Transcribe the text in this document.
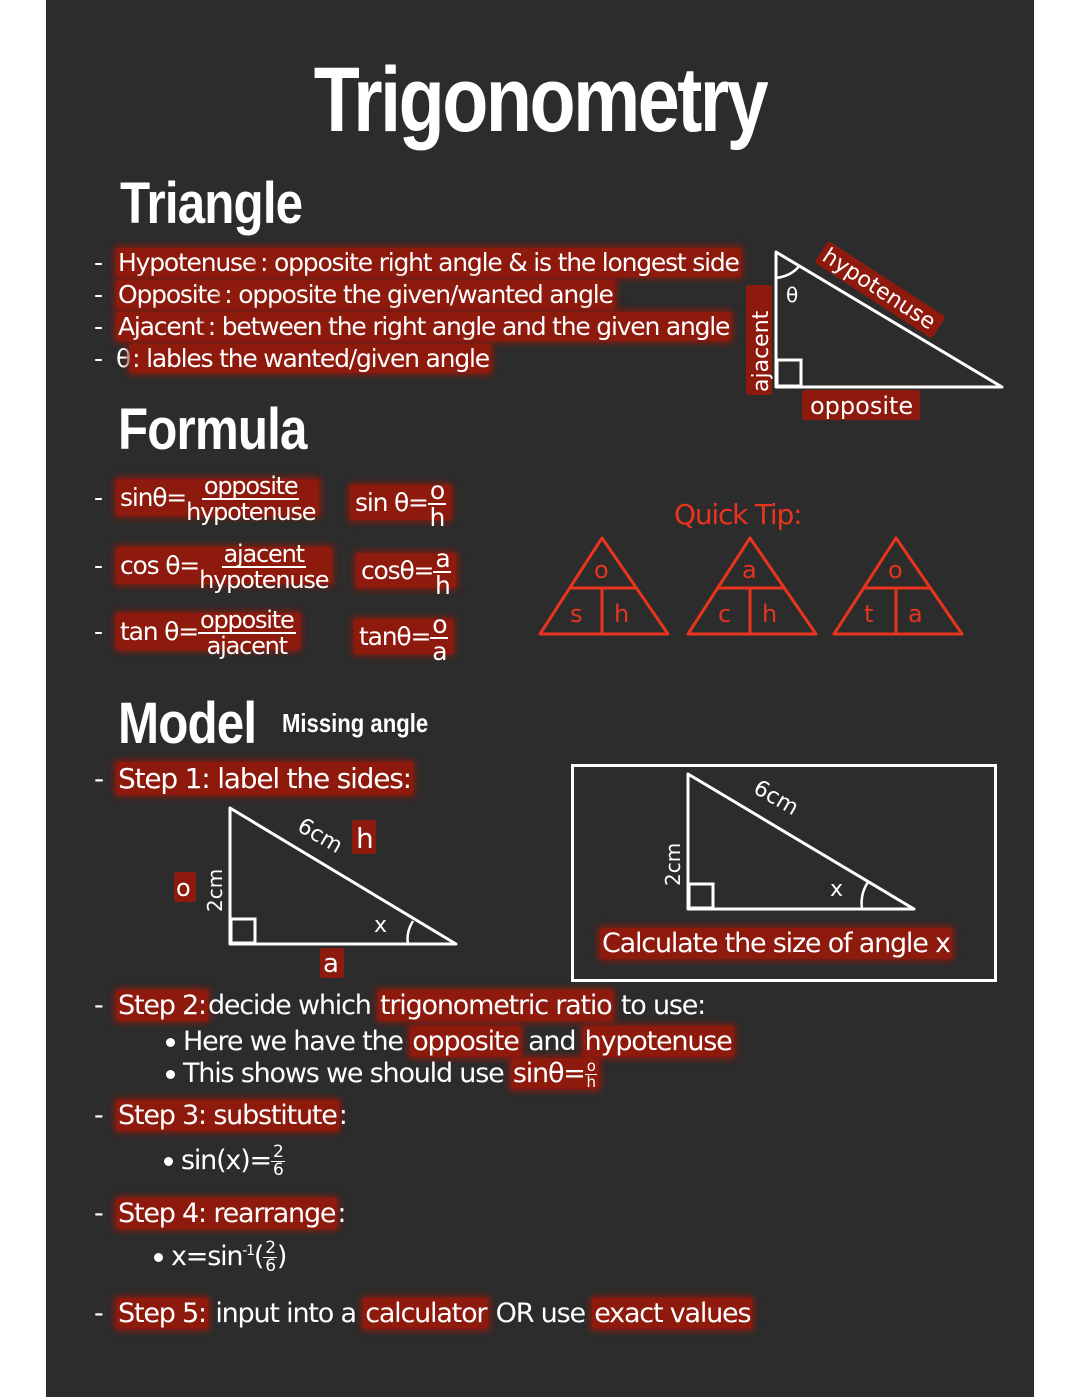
Trigonometry
Triangle
- Hypotenuse : opposite right angle & is the longest side
- Opposite : opposite the given/wanted angle
- Ajacent : between the right angle and the given angle
- θ: lables the wanted/given angle
θ hypotenuse
ajacent
opposite
Formula
- $\sin\theta= \frac{\text{opposite}}{\text{hypotenuse}}$ $\sin \theta= \frac{o}{h}$
- $\cos \theta= \frac{\text{ajacent}}{\text{hypotenuse}} \cos\theta= \frac{a}{h}$
- $\tan \theta= \frac{\text{opposite}}{\text{ajacent}}$	$\tan\theta= \frac{o}{a}$
Quick Tip:
o
s h
a
c h
o
t a
Model Missing angle
- Step 1: label the sides:
x
6cm h
2cm
o
a
x
6cm
2cm
Calculate the size of angle x
- Step 2:decide which trigonometric ratio to use:
Here we have the opposite and hypotenuse
This shows we should use $\sin\theta= \frac{o}{h}$
- Step 3: substitute:
$\sin(x)= \frac{2}{6}$
- Step 4: rearrange:
$x=\sin^{-1}( \frac{2}{6}$ )
- Step 5: input into a calculator OR use exact values
